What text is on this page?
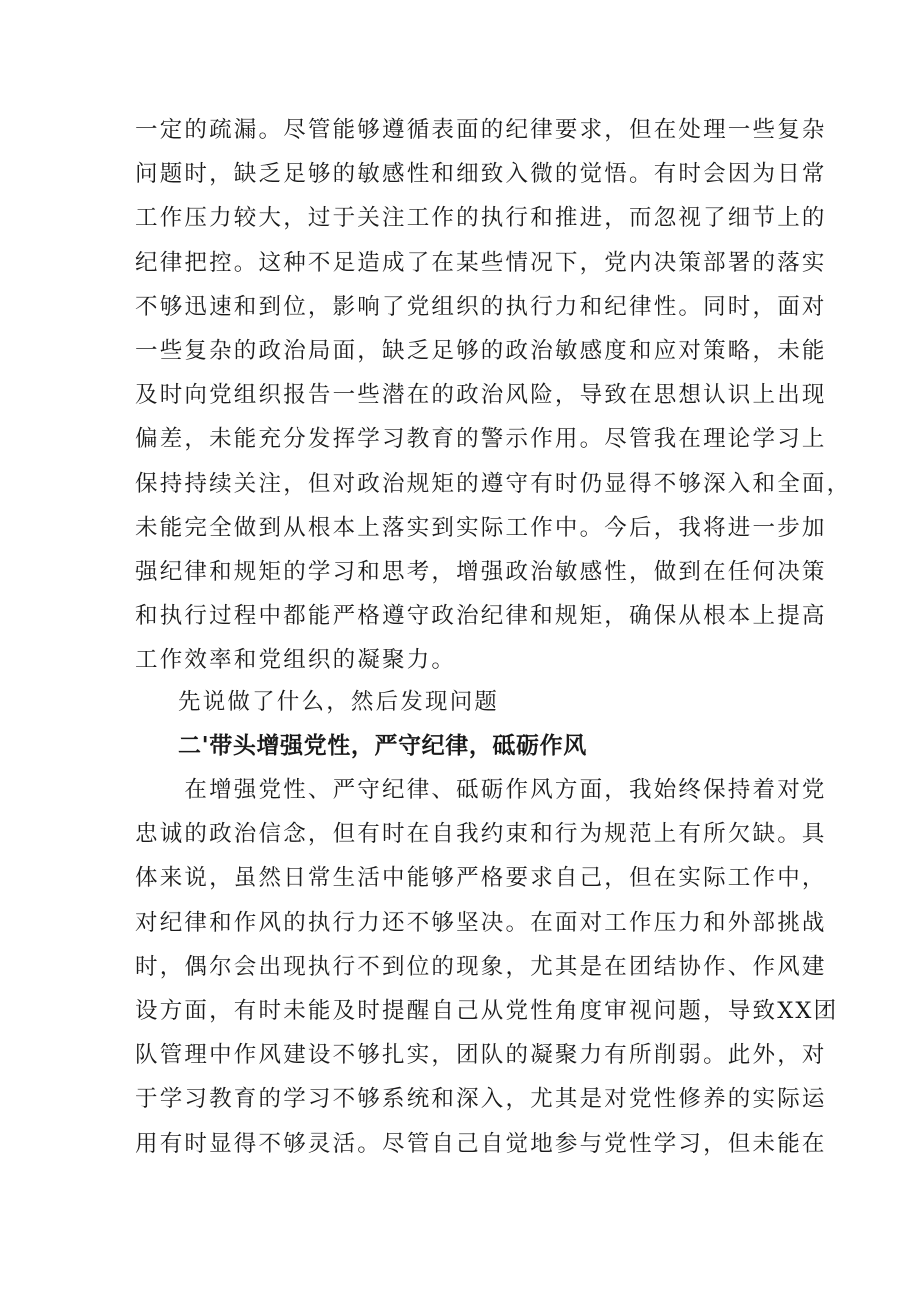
一定的疏漏。尽管能够遵循表面的纪律要求，但在处理一些复杂
问题时，缺乏足够的敏感性和细致入微的觉悟。有时会因为日常
工作压力较大，过于关注工作的执行和推进，而忽视了细节上的
纪律把控。这种不足造成了在某些情况下，党内决策部署的落实
不够迅速和到位，影响了党组织的执行力和纪律性。同时，面对
一些复杂的政治局面，缺乏足够的政治敏感度和应对策略，未能
及时向党组织报告一些潜在的政治风险，导致在思想认识上出现
偏差，未能充分发挥学习教育的警示作用。尽管我在理论学习上
保持持续关注，但对政治规矩的遵守有时仍显得不够深入和全面，
未能完全做到从根本上落实到实际工作中。今后，我将进一步加
强纪律和规矩的学习和思考，增强政治敏感性，做到在任何决策
和执行过程中都能严格遵守政治纪律和规矩，确保从根本上提高
工作效率和党组织的凝聚力。
先说做了什么，然后发现问题
二'带头增强党性，严守纪律，砥砺作风
　　在增强党性、严守纪律、砥砺作风方面，我始终保持着对党
忠诚的政治信念，但有时在自我约束和行为规范上有所欠缺。具
体来说，虽然日常生活中能够严格要求自己，但在实际工作中，
对纪律和作风的执行力还不够坚决。在面对工作压力和外部挑战
时，偶尔会出现执行不到位的现象，尤其是在团结协作、作风建
设方面，有时未能及时提醒自己从党性角度审视问题，导致XX团
队管理中作风建设不够扎实，团队的凝聚力有所削弱。此外，对
于学习教育的学习不够系统和深入，尤其是对党性修养的实际运
用有时显得不够灵活。尽管自己自觉地参与党性学习，但未能在
